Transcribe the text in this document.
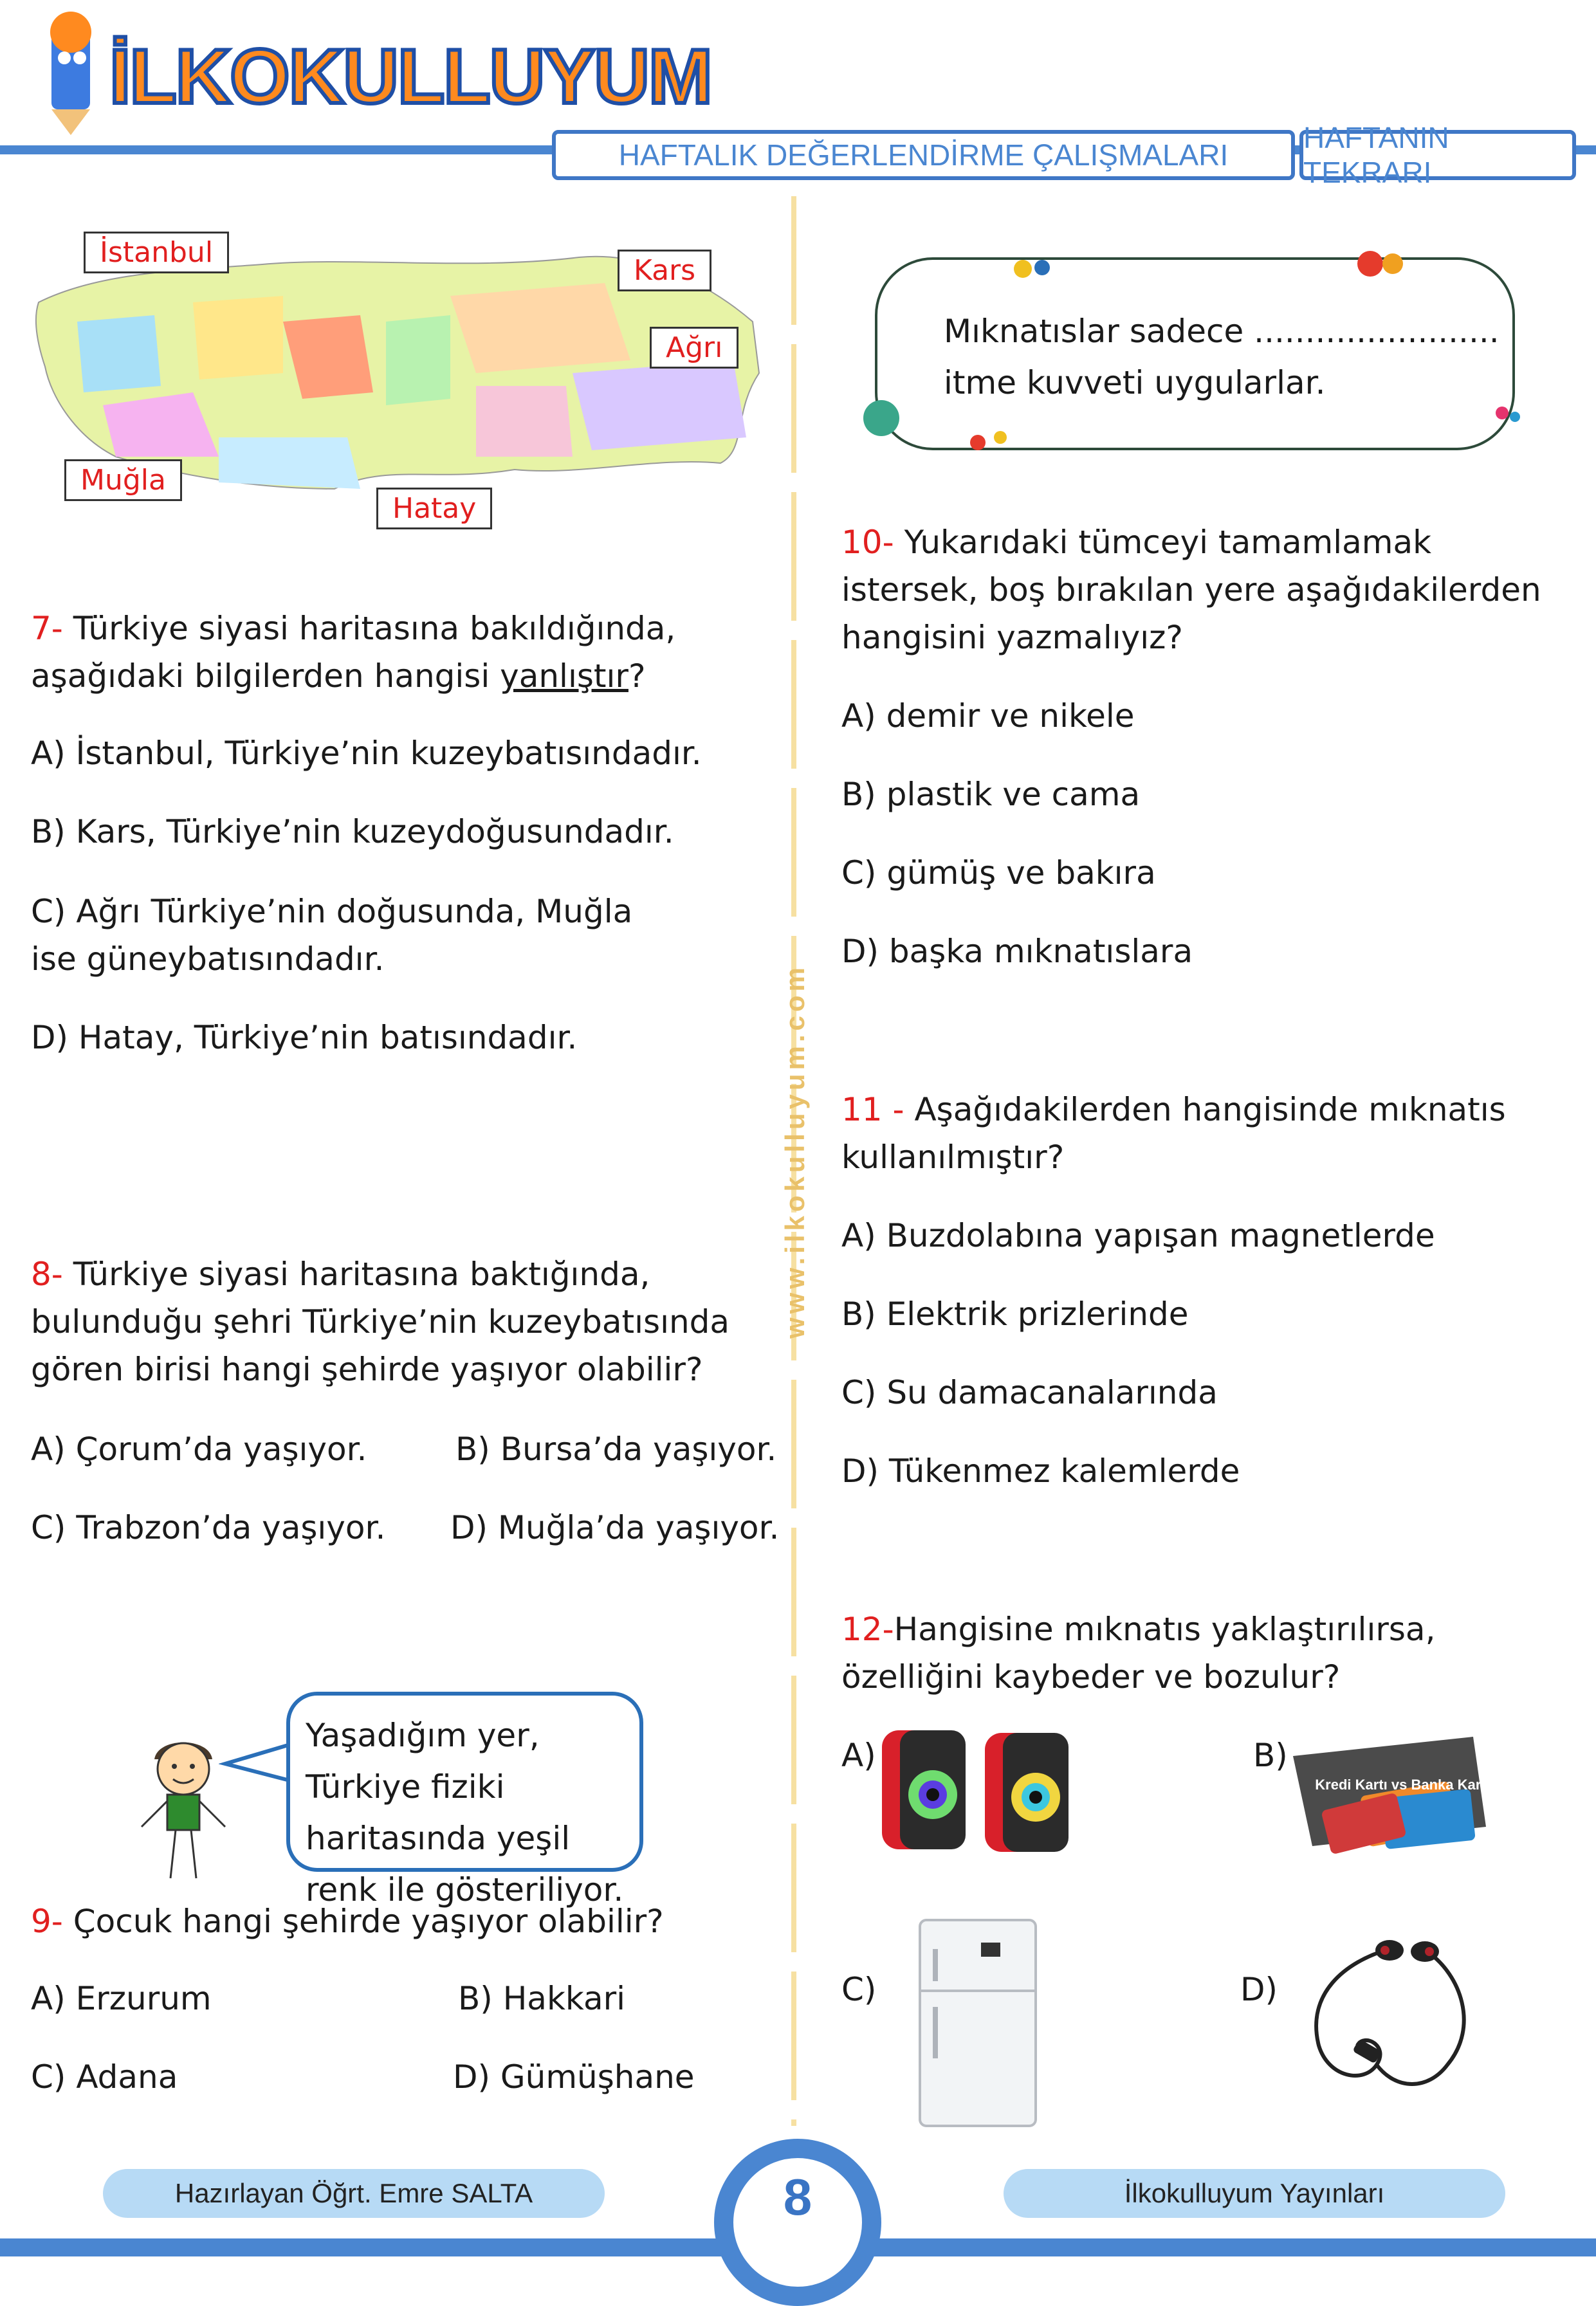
İLKOKULLUYUM
HAFTALIK DEĞERLENDİRME ÇALIŞMALARI
HAFTANIN TEKRARI
www.ilkokulluyum.com
İstanbul
Kars
Ağrı
Muğla
Hatay
7- Türkiye siyasi haritasına bakıldığında, aşağıdaki bilgilerden hangisi yanlıştır?
A) İstanbul, Türkiye’nin kuzeybatısındadır.
B) Kars, Türkiye’nin kuzeydoğusundadır.
C) Ağrı Türkiye’nin doğusunda, Muğla ise güneybatısındadır.
D) Hatay, Türkiye’nin batısındadır.
8- Türkiye siyasi haritasına baktığında, bulunduğu şehri Türkiye’nin kuzeybatısında gören birisi hangi şehirde yaşıyor olabilir?
A) Çorum’da yaşıyor.	B) Bursa’da yaşıyor.
C) Trabzon’da yaşıyor. D) Muğla’da yaşıyor.
Yaşadığım yer, Türkiye fiziki haritasında yeşil renk ile gösteriliyor.
9- Çocuk hangi şehirde yaşıyor olabilir?
A) Erzurum	B) Hakkari
C) Adana	D) Gümüşhane
Mıknatıslar sadece ........................
itme kuvveti uygularlar.
10- Yukarıdaki tümceyi tamamlamak istersek, boş bırakılan yere aşağıdakilerden hangisini yazmalıyız?
A) demir ve nikele
B) plastik ve cama
C) gümüş ve bakıra
D) başka mıknatıslara
11 - Aşağıdakilerden hangisinde mıknatıs kullanılmıştır?
A) Buzdolabına yapışan magnetlerde
B) Elektrik prizlerinde
C) Su damacanalarında
D) Tükenmez kalemlerde
12-Hangisine mıknatıs yaklaştırılırsa, özelliğini kaybeder ve bozulur?
A)	B)
Kredi Kartı vs Banka Kartı
C)	D)
Hazırlayan Öğrt. Emre SALTA	İlkokulluyum Yayınları
8
